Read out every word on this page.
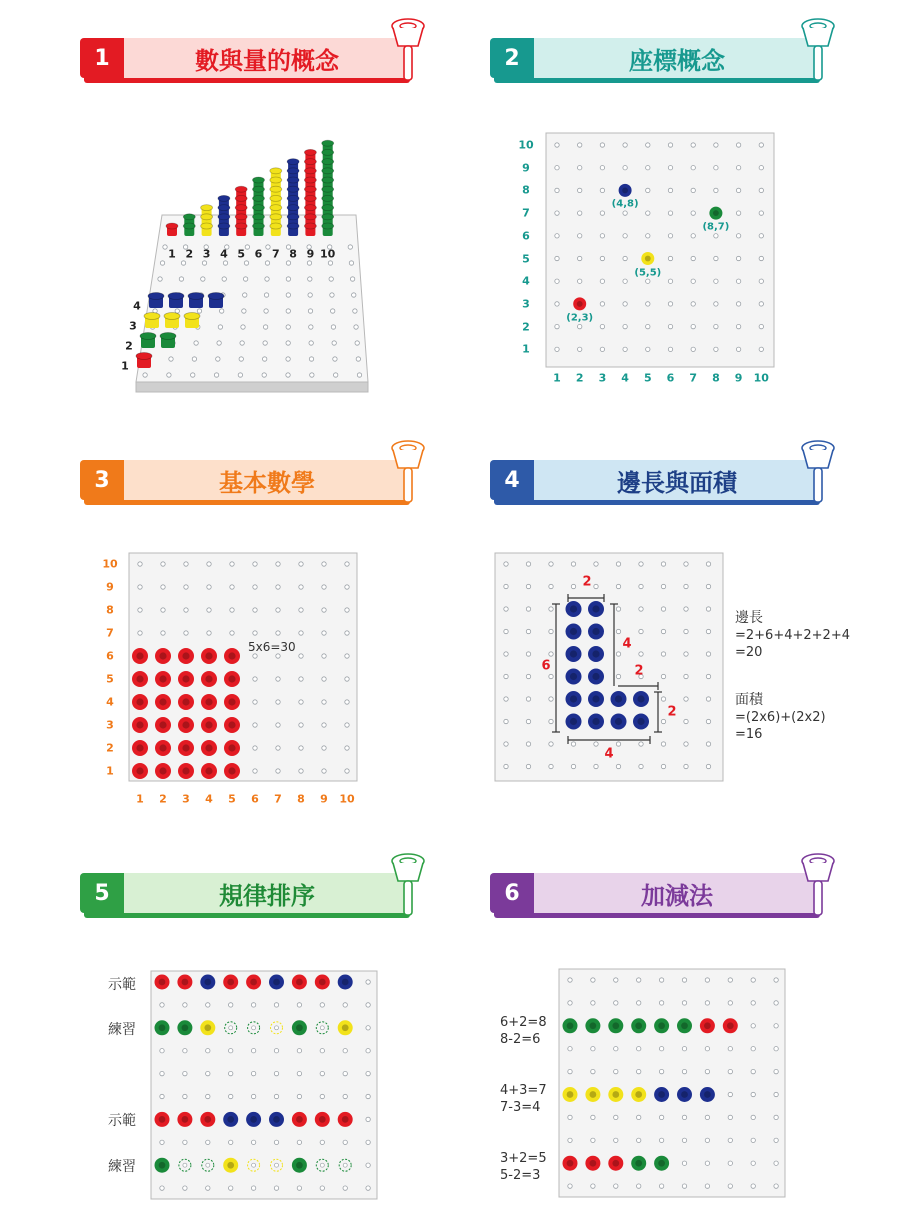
1	數與量的概念	2	座標概念
3	基本數學	4	邊長與面積
5	規律排序	6	加減法
1 2 3 4 5 6 7 8 9 10
4
3
2
1
10
9
8
7
6
5
4
3
2
1
1 2 3 4 5 6 7 8 9 10
(4,8)
(8,7)
(5,5)
(2,3)
10
9
8
7
6
5
4
3
2
1
1 2 3 4 5 6 7 8 9 10
5x6=30
2
6
4
2
2
4
邊長
=2+6+4+2+2+4
=20
面積
=(2x6)+(2x2)
=16
示範
練習
示範
練習
6+2=8
8-2=6
4+3=7
7-3=4
3+2=5
5-2=3
